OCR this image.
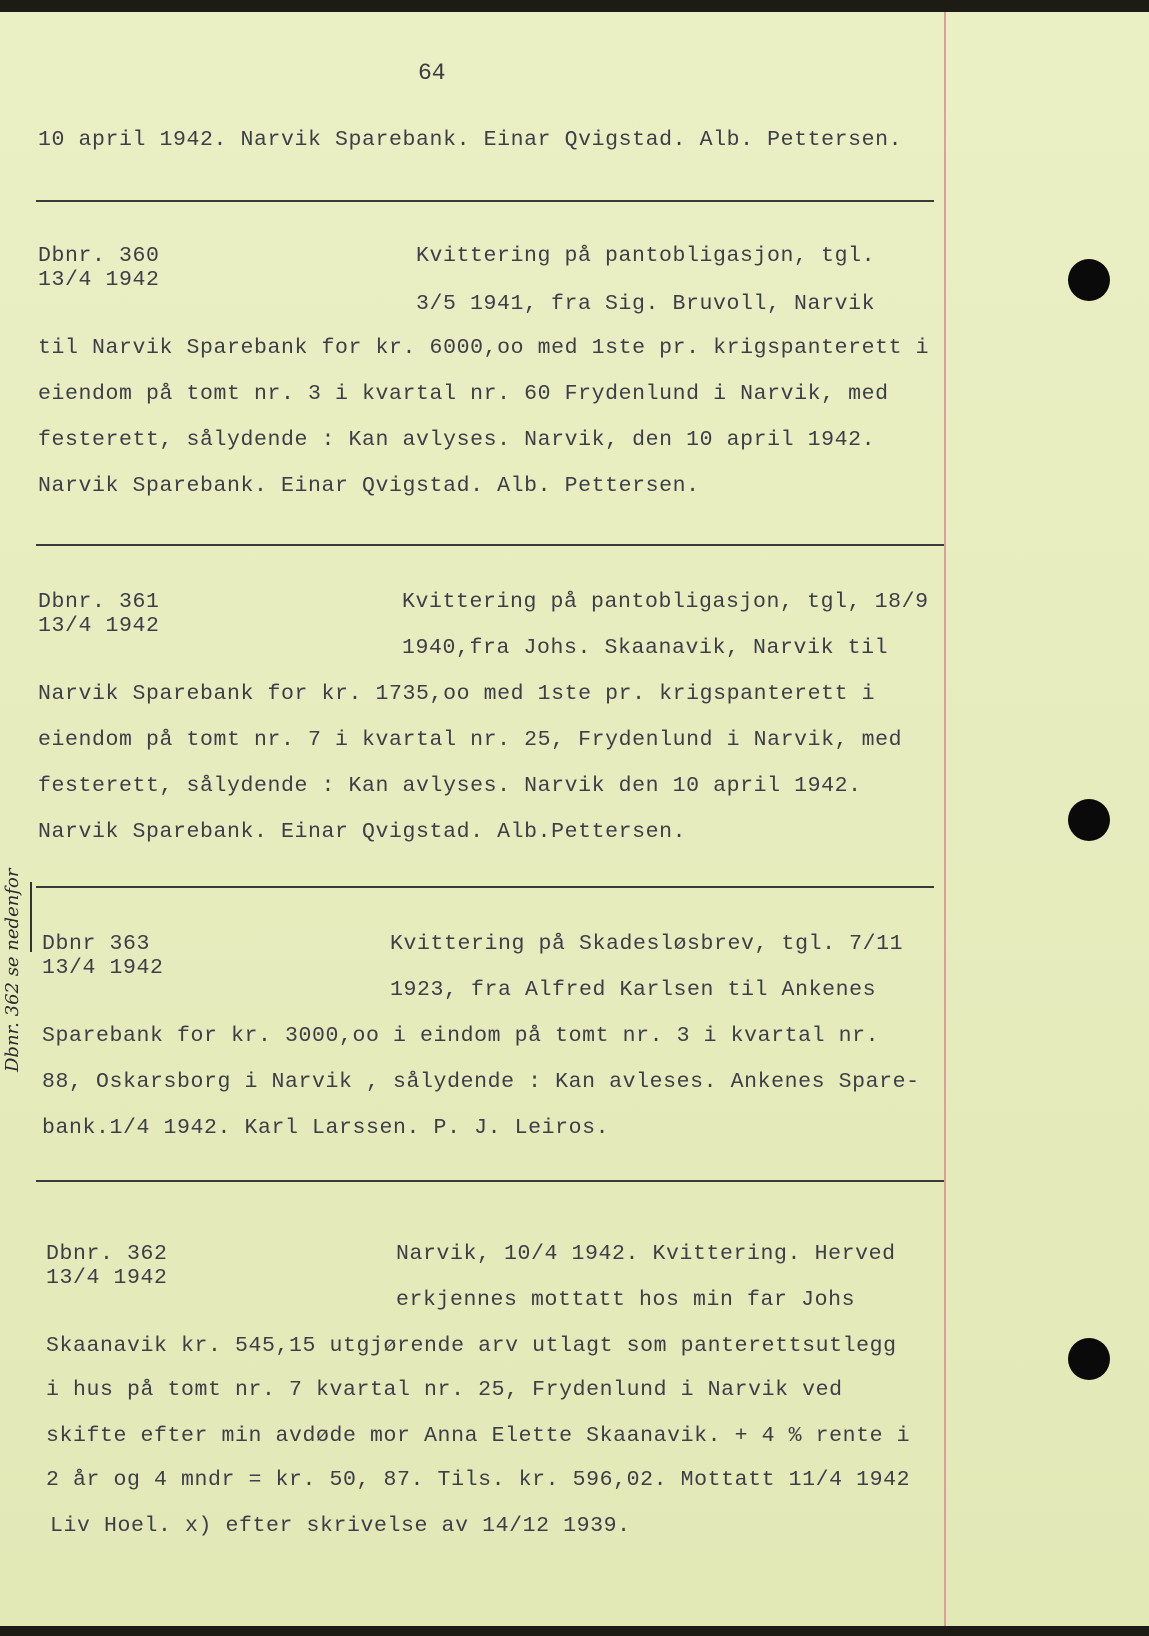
64
10 april 1942. Narvik Sparebank. Einar Qvigstad. Alb. Pettersen.
Dbnr. 360
13/4 1942
Kvittering på pantobligasjon, tgl.
3/5 1941, fra Sig. Bruvoll, Narvik
til Narvik Sparebank for kr. 6000,oo med 1ste pr. krigspanterett i
eiendom på tomt nr. 3 i kvartal nr. 60 Frydenlund i Narvik, med
festerett, sålydende : Kan avlyses. Narvik, den 10 april 1942.
Narvik Sparebank. Einar Qvigstad. Alb. Pettersen.
Dbnr. 361
13/4 1942
Kvittering på pantobligasjon, tgl, 18/9
1940,fra Johs. Skaanavik, Narvik til
Narvik Sparebank for kr. 1735,oo med 1ste pr. krigspanterett i
eiendom på tomt nr. 7 i kvartal nr. 25, Frydenlund i Narvik, med
festerett, sålydende : Kan avlyses. Narvik den 10 april 1942.
Narvik Sparebank. Einar Qvigstad. Alb.Pettersen.
Dbnr. 362 se nedenfor Dbnr 363
13/4 1942
Kvittering på Skadesløsbrev, tgl. 7/11
1923, fra Alfred Karlsen til Ankenes
Sparebank for kr. 3000,oo i eindom på tomt nr. 3 i kvartal nr.
88, Oskarsborg i Narvik , sålydende : Kan avleses. Ankenes Spare-
bank.1/4 1942. Karl Larssen. P. J. Leiros.
Dbnr. 362
13/4 1942
Narvik, 10/4 1942. Kvittering. Herved
erkjennes mottatt hos min far Johs
Skaanavik kr. 545,15 utgjørende arv utlagt som panterettsutlegg
i hus på tomt nr. 7 kvartal nr. 25, Frydenlund i Narvik ved
skifte efter min avdøde mor Anna Elette Skaanavik. + 4 % rente i
2 år og 4 mndr = kr. 50, 87. Tils. kr. 596,02. Mottatt 11/4 1942
Liv Hoel. x) efter skrivelse av 14/12 1939.
